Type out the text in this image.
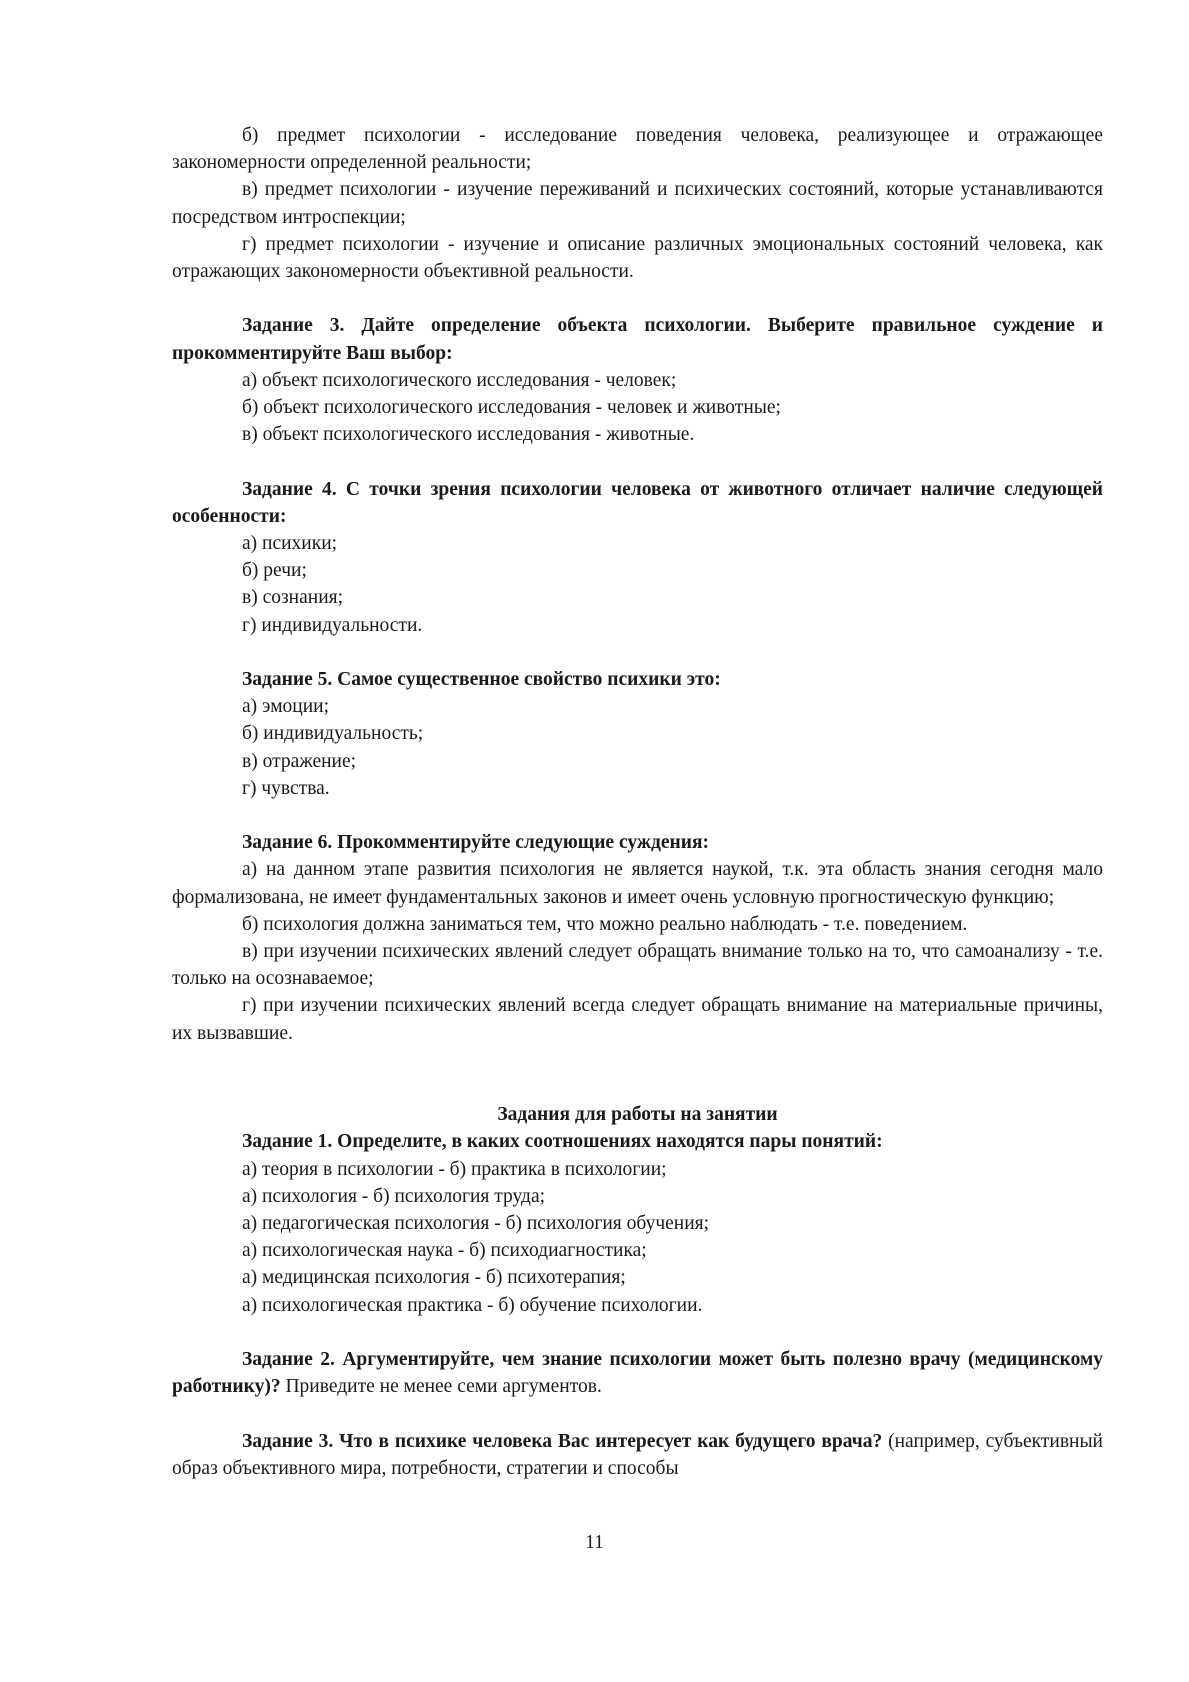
б) предмет психологии - исследование поведения человека, реализующее и отражающее закономерности определенной реальности;

в) предмет психологии - изучение переживаний и психических состояний, которые устанавливаются посредством интроспекции;

г) предмет психологии - изучение и описание различных эмоциональных состояний человека, как отражающих закономерности объективной реальности.

Задание 3. Дайте определение объекта психологии. Выберите правильное суждение и прокомментируйте Ваш выбор:

а) объект психологического исследования - человек;

б) объект психологического исследования - человек и животные;

в) объект психологического исследования - животные.

Задание 4. С точки зрения психологии человека от животного отличает наличие следующей особенности:

а) психики;

б) речи;

в) сознания;

г) индивидуальности.

Задание 5. Самое существенное свойство психики это:

а) эмоции;

б) индивидуальность;

в) отражение;

г) чувства.

Задание 6. Прокомментируйте следующие суждения:

а) на данном этапе развития психология не является наукой, т.к. эта область знания сегодня мало формализована, не имеет фундаментальных законов и имеет очень условную прогностическую функцию;

б) психология должна заниматься тем, что можно реально наблюдать - т.е. поведением.

в) при изучении психических явлений следует обращать внимание только на то, что самоанализу - т.е. только на осознаваемое;

г) при изучении психических явлений всегда следует обращать внимание на материальные причины, их вызвавшие.

Задания для работы на занятии

Задание 1. Определите, в каких соотношениях находятся пары понятий:

а) теория в психологии - б) практика в психологии;

а) психология - б) психология труда;

а) педагогическая психология - б) психология обучения;

а) психологическая наука - б) психодиагностика;

а) медицинская психология - б) психотерапия;

а) психологическая практика - б) обучение психологии.

Задание 2. Аргументируйте, чем знание психологии может быть полезно врачу (медицинскому работнику)? Приведите не менее семи аргументов.

Задание 3. Что в психике человека Вас интересует как будущего врача? (например, субъективный образ объективного мира, потребности, стратегии и способы

11
